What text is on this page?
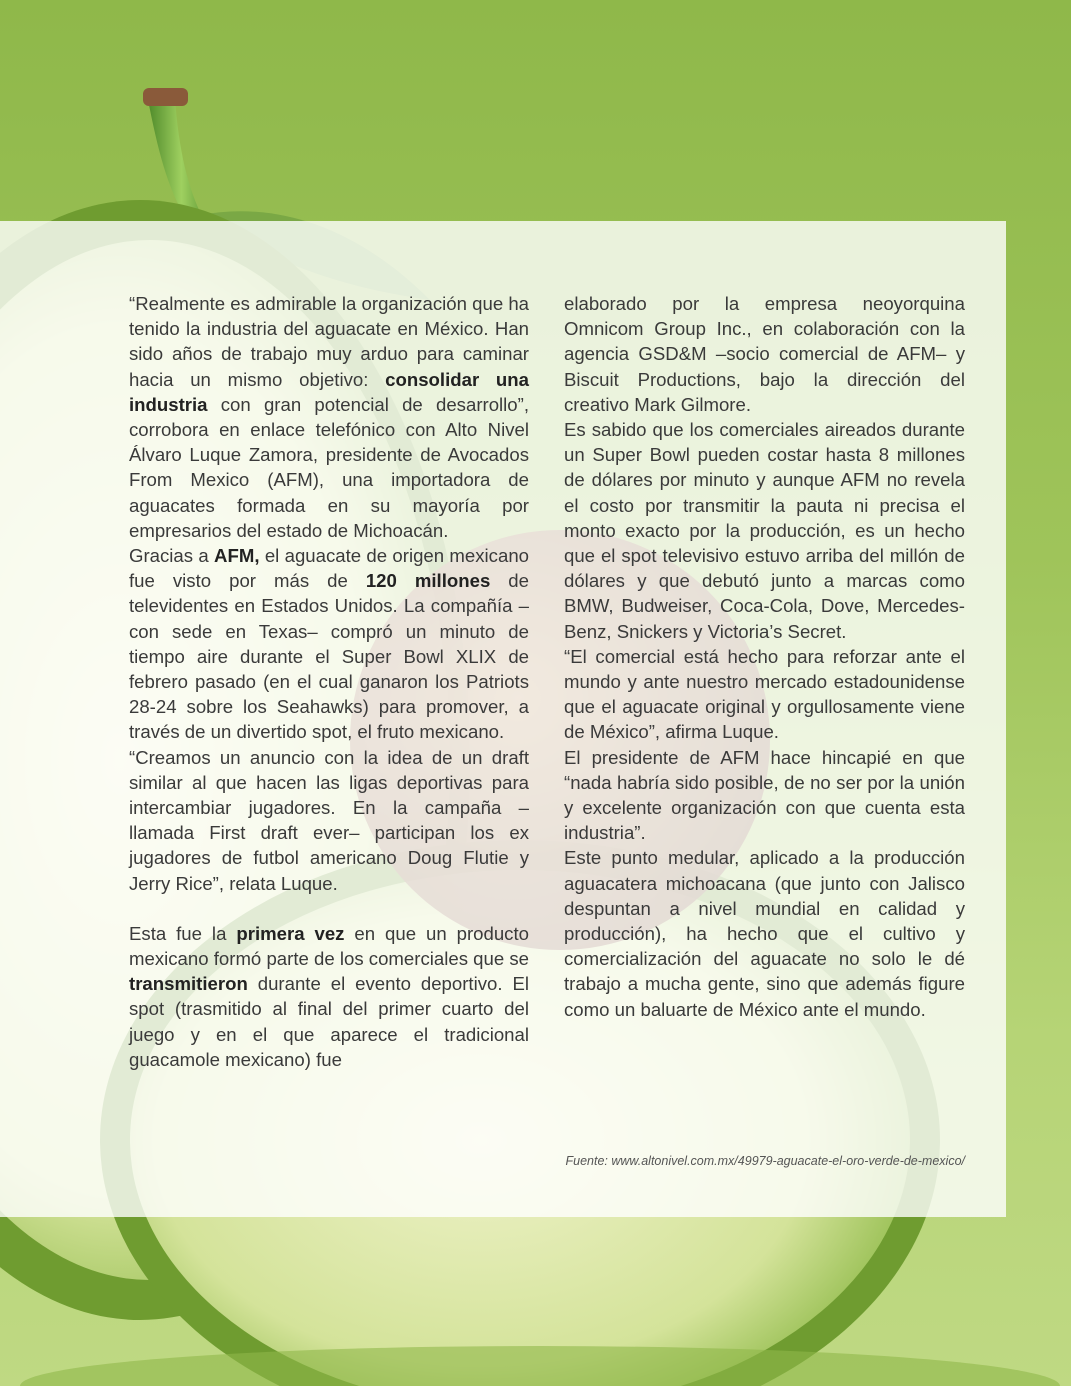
“Realmente es admirable la organización que ha tenido la industria del aguacate en México. Han sido años de trabajo muy arduo para caminar hacia un mismo objetivo: consolidar una industria con gran potencial de desarrollo”, corrobora en enlace telefónico con Alto Nivel Álvaro Luque Zamora, presidente de Avocados From Mexico (AFM), una importadora de aguacates formada en su mayoría por empresarios del estado de Michoacán.

Gracias a AFM, el aguacate de origen mexicano fue visto por más de 120 millones de televidentes en Estados Unidos. La compañía –con sede en Texas– compró un minuto de tiempo aire durante el Super Bowl XLIX de febrero pasado (en el cual ganaron los Patriots 28-24 sobre los Seahawks) para promover, a través de un divertido spot, el fruto mexicano.

“Creamos un anuncio con la idea de un draft similar al que hacen las ligas deportivas para intercambiar jugadores. En la campaña –llamada First draft ever– participan los ex jugadores de futbol americano Doug Flutie y Jerry Rice”, relata Luque.

Esta fue la primera vez en que un producto mexicano formó parte de los comerciales que se transmitieron durante el evento deportivo. El spot (trasmitido al final del primer cuarto del juego y en el que aparece el tradicional guacamole mexicano) fue

elaborado por la empresa neoyorquina Omnicom Group Inc., en colaboración con la agencia GSD&M –socio comercial de AFM– y Biscuit Productions, bajo la dirección del creativo Mark Gilmore.

Es sabido que los comerciales aireados durante un Super Bowl pueden costar hasta 8 millones de dólares por minuto y aunque AFM no revela el costo por transmitir la pauta ni precisa el monto exacto por la producción, es un hecho que el spot televisivo estuvo arriba del millón de dólares y que debutó junto a marcas como BMW, Budweiser, Coca-Cola, Dove, Mercedes-Benz, Snickers y Victoria’s Secret.

“El comercial está hecho para reforzar ante el mundo y ante nuestro mercado estadounidense que el aguacate original y orgullosamente viene de México”, afirma Luque.

El presidente de AFM hace hincapié en que “nada habría sido posible, de no ser por la unión y excelente organización con que cuenta esta industria”.

Este punto medular, aplicado a la producción aguacatera michoacana (que junto con Jalisco despuntan a nivel mundial en calidad y producción), ha hecho que el cultivo y comercialización del aguacate no solo le dé trabajo a mucha gente, sino que además figure como un baluarte de México ante el mundo.

Fuente: www.altonivel.com.mx/49979-aguacate-el-oro-verde-de-mexico/
